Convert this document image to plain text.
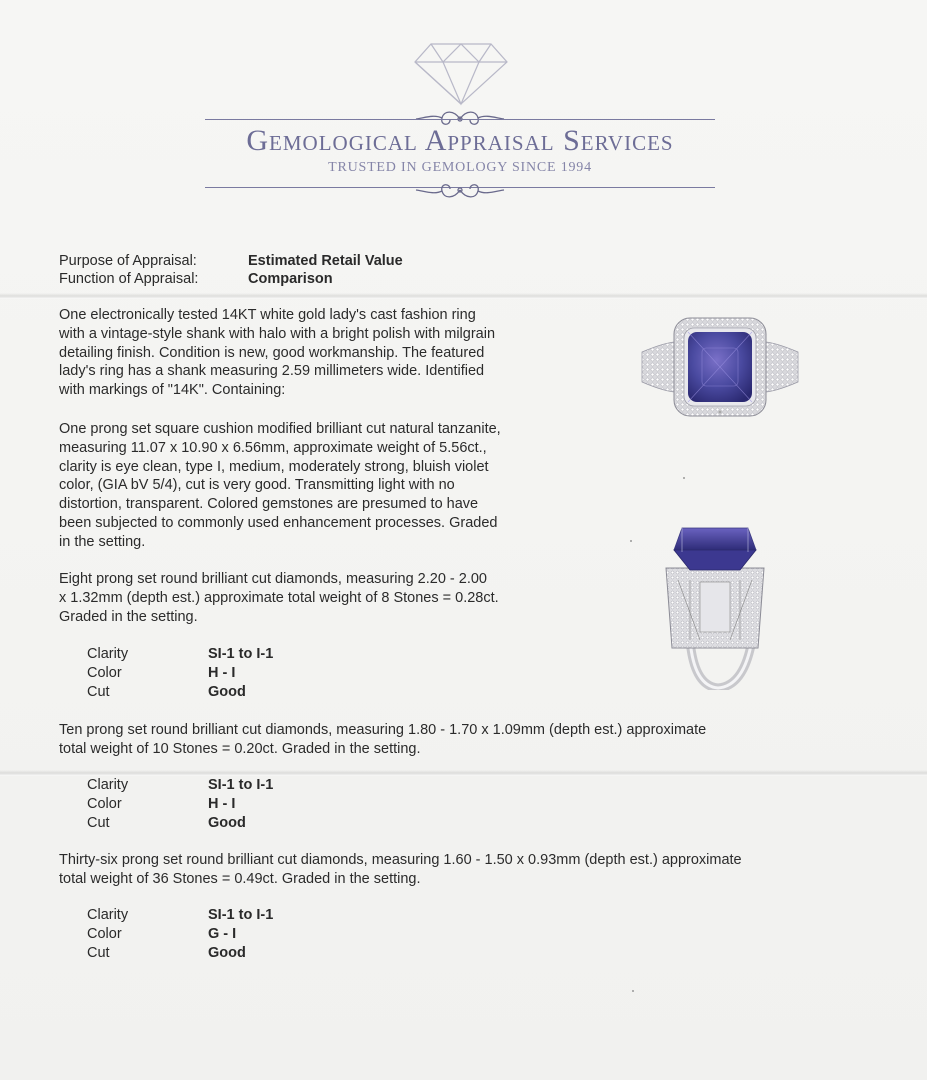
Gemological Appraisal Services
TRUSTED IN GEMOLOGY SINCE 1994
Purpose of Appraisal:	Estimated Retail Value
Function of Appraisal:	Comparison
One electronically tested 14KT white gold lady's cast fashion ring
with a vintage-style shank with halo with a bright polish with milgrain
detailing finish. Condition is new, good workmanship. The featured
lady's ring has a shank measuring 2.59 millimeters wide. Identified
with markings of "14K". Containing:
One prong set square cushion modified brilliant cut natural tanzanite,
measuring 11.07 x 10.90 x 6.56mm, approximate weight of 5.56ct.,
clarity is eye clean, type I, medium, moderately strong, bluish violet
color, (GIA bV 5/4), cut is very good. Transmitting light with no
distortion, transparent. Colored gemstones are presumed to have
been subjected to commonly used enhancement processes. Graded
in the setting.
Eight prong set round brilliant cut diamonds, measuring 2.20 - 2.00
x 1.32mm (depth est.) approximate total weight of 8 Stones = 0.28ct.
Graded in the setting.
Clarity	SI-1 to I-1
Color	H - I
Cut	Good
Ten prong set round brilliant cut diamonds, measuring 1.80 - 1.70 x 1.09mm (depth est.) approximate
total weight of 10 Stones = 0.20ct. Graded in the setting.
Clarity	SI-1 to I-1
Color	H - I
Cut	Good
Thirty-six prong set round brilliant cut diamonds, measuring 1.60 - 1.50 x 0.93mm (depth est.) approximate
total weight of 36 Stones = 0.49ct. Graded in the setting.
Clarity	SI-1 to I-1
Color	G - I
Cut	Good
